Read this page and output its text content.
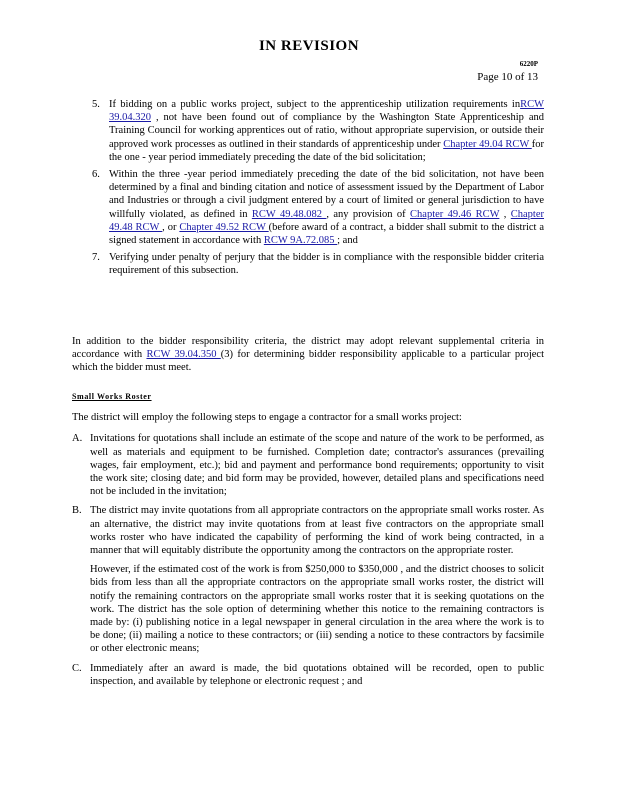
IN REVISION
6220P
Page 10 of 13
5. If bidding on a public works project, subject to the apprenticeship utilization requirements inRCW 39.04.320 , not have been found out of compliance by the Washington State Apprenticeship and Training Council for working apprentices out of ratio, without appropriate supervision, or outside their approved work processes as outlined in their standards of apprenticeship under Chapter 49.04 RCW for the one - year period immediately preceding the date of the bid solicitation;

6. Within the three -year period immediately preceding the date of the bid solicitation, not have been determined by a final and binding citation and notice of assessment issued by the Department of Labor and Industries or through a civil judgment entered by a court of limited or general jurisdiction to have willfully violated, as defined in RCW 49.48.082 , any provision of Chapter 49.46 RCW , Chapter 49.48 RCW , or Chapter 49.52 RCW (before award of a contract, a bidder shall submit to the district a signed statement in accordance with RCW 9A.72.085 ; and

7. Verifying under penalty of perjury that the bidder is in compliance with the responsible bidder criteria requirement of this subsection.

In addition to the bidder responsibility criteria, the district may adopt relevant supplemental criteria in accordance with RCW 39.04.350 (3) for determining bidder responsibility applicable to a particular project which the bidder must meet.

Small Works Roster

The district will employ the following steps to engage a contractor for a small works project:

A. Invitations for quotations shall include an estimate of the scope and nature of the work to be performed, as well as materials and equipment to be furnished. Completion date; contractor's assurances (prevailing wages, fair employment, etc.); bid and payment and performance bond requirements; opportunity to visit the work site; closing date; and bid form may be provided, however, detailed plans and specifications need not be included in the invitation;

B. The district may invite quotations from all appropriate contractors on the appropriate small works roster. As an alternative, the district may invite quotations from at least five contractors on the appropriate small works roster who have indicated the capability of performing the kind of work being contracted, in a manner that will equitably distribute the opportunity among the contractors on the appropriate roster.

However, if the estimated cost of the work is from $250,000 to $350,000 , and the district chooses to solicit bids from less than all the appropriate contractors on the appropriate small works roster, the district will notify the remaining contractors on the appropriate small works roster that it is seeking quotations on the work. The district has the sole option of determining whether this notice to the remaining contractors is made by: (i) publishing notice in a legal newspaper in general circulation in the area where the work is to be done; (ii) mailing a notice to these contractors; or (iii) sending a notice to these contractors by facsimile or other electronic means;

C. Immediately after an award is made, the bid quotations obtained will be recorded, open to public inspection, and available by telephone or electronic request ; and
